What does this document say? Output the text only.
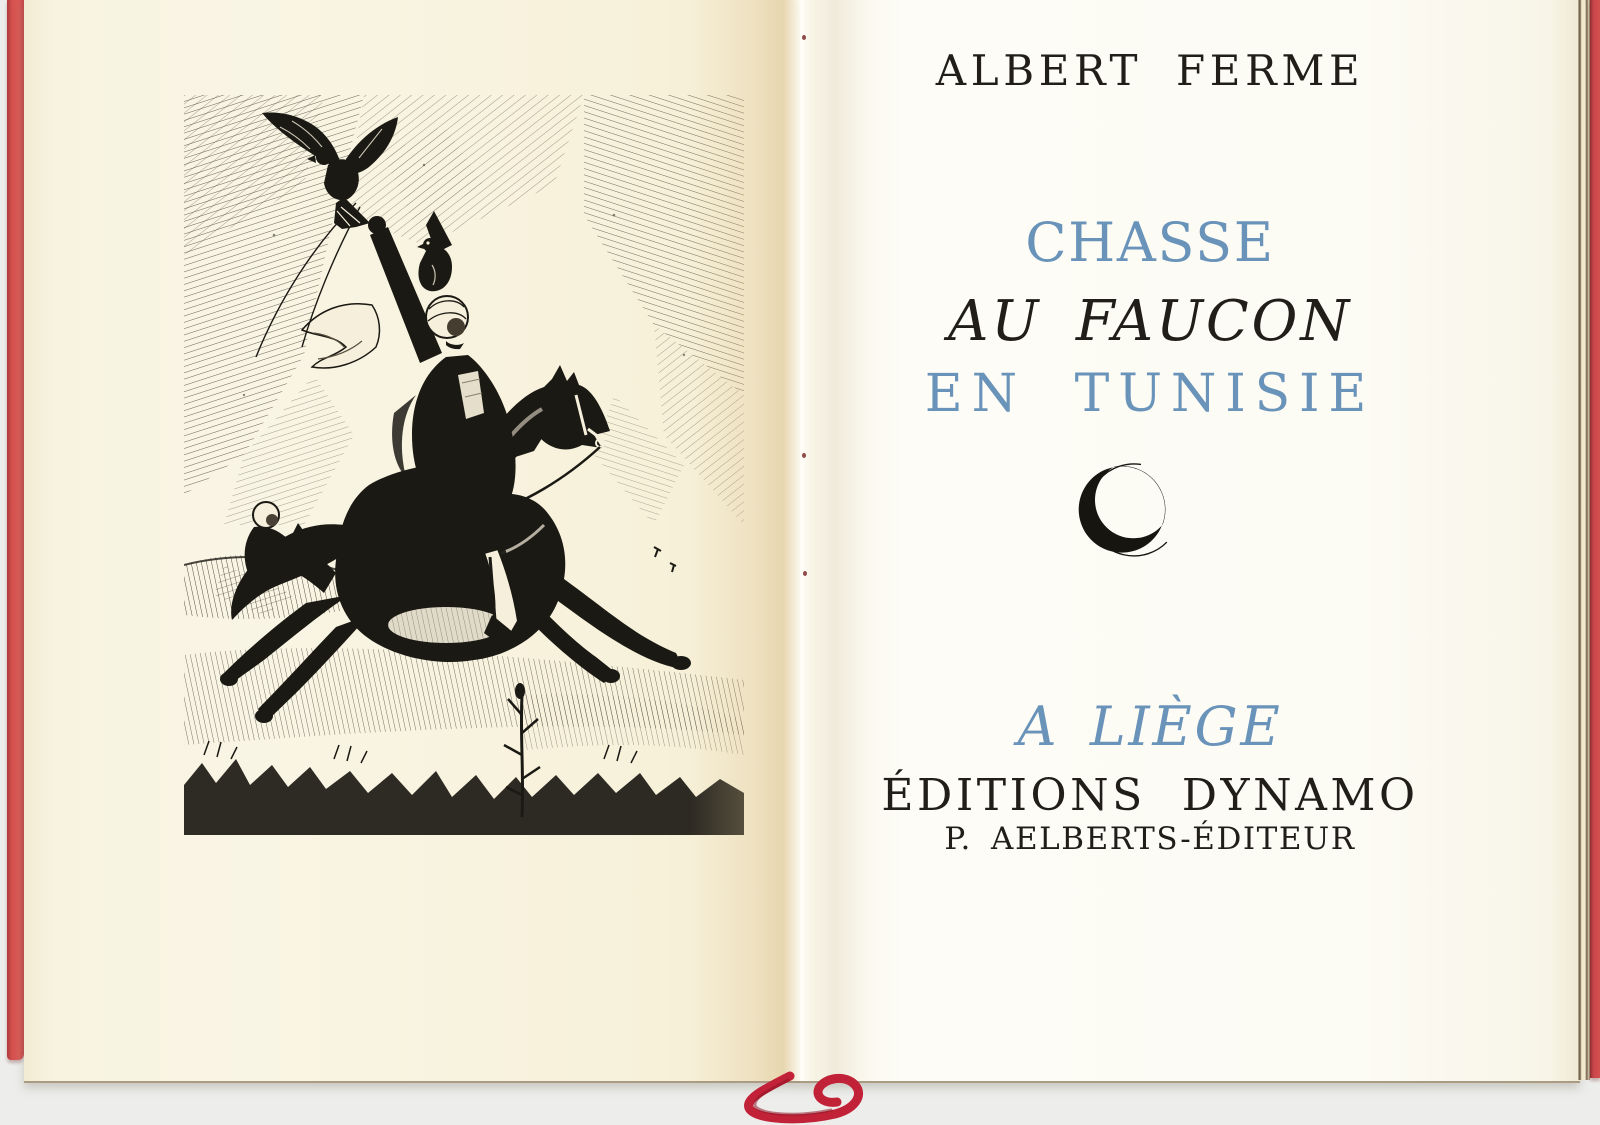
ALBERT FERME
CHASSE
AU FAUCON
EN TUNISIE
A LIÈGE
ÉDITIONS DYNAMO
P. AELBERTS-ÉDITEUR
